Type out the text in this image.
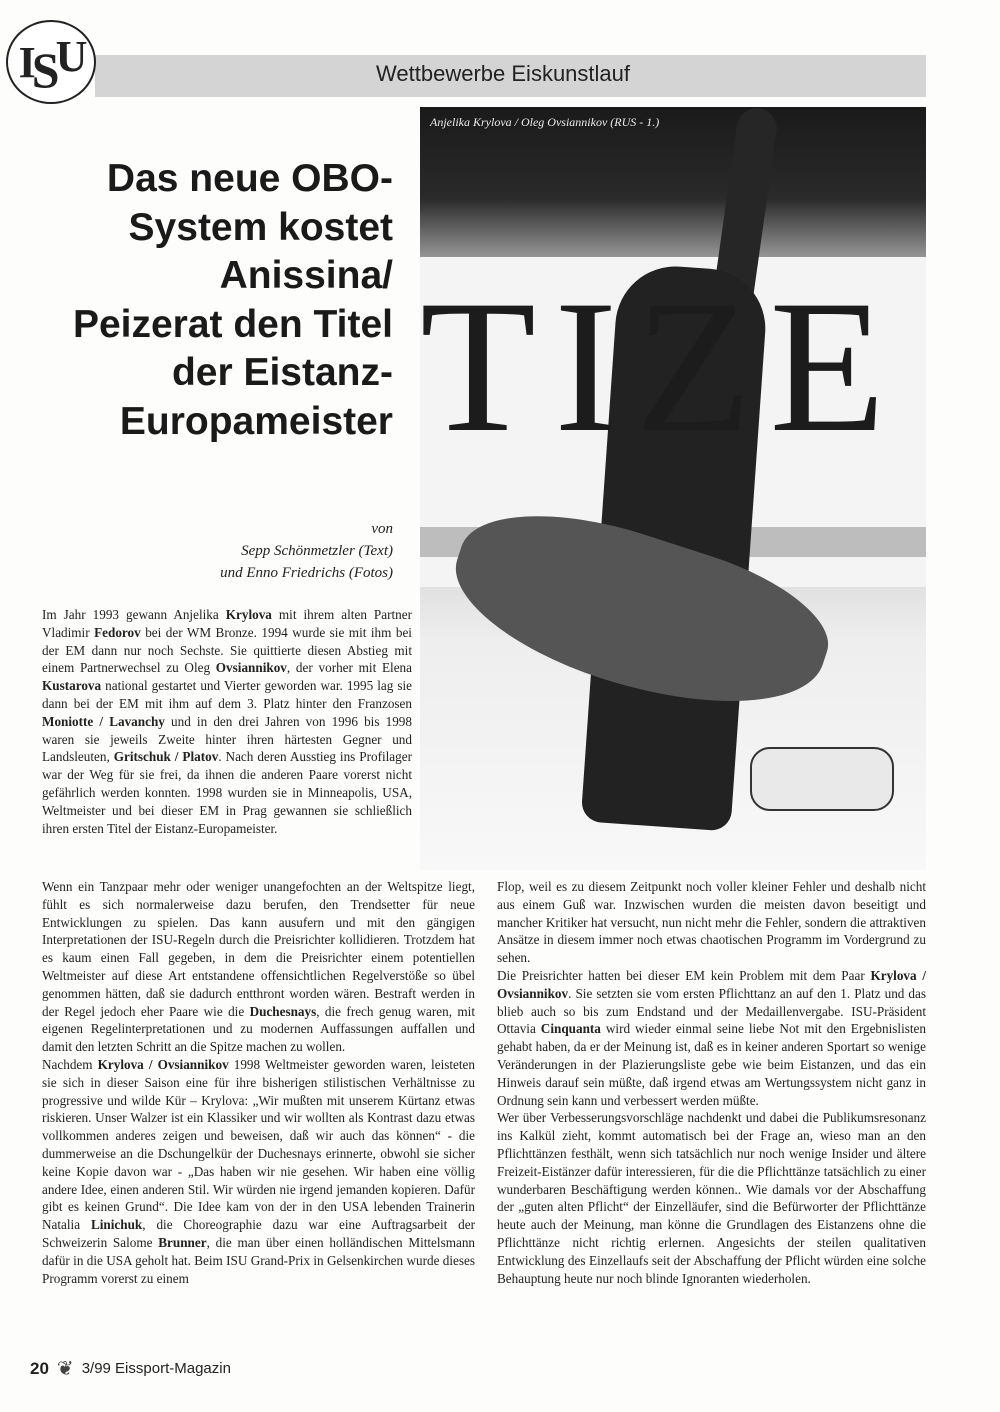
Wettbewerbe Eiskunstlauf
I S U
TIZE
Anjelika Krylova / Oleg Ovsiannikov (RUS - 1.)
Das neue OBO-System kostet Anissina/ Peizerat den Titel der Eistanz-Europameister
von
Sepp Schönmetzler (Text)
und Enno Friedrichs (Fotos)

Im Jahr 1993 gewann Anjelika Krylova mit ihrem alten Partner Vladimir Fedorov bei der WM Bronze. 1994 wurde sie mit ihm bei der EM dann nur noch Sechste. Sie quittierte diesen Abstieg mit einem Partnerwechsel zu Oleg Ovsiannikov, der vorher mit Elena Kustarova national gestartet und Vierter geworden war. 1995 lag sie dann bei der EM mit ihm auf dem 3. Platz hinter den Franzosen Moniotte / Lavanchy und in den drei Jahren von 1996 bis 1998 waren sie jeweils Zweite hinter ihren härtesten Gegner und Landsleuten, Gritschuk / Platov. Nach deren Ausstieg ins Profilager war der Weg für sie frei, da ihnen die anderen Paare vorerst nicht gefährlich werden konnten. 1998 wurden sie in Minneapolis, USA, Weltmeister und bei dieser EM in Prag gewannen sie schließlich ihren ersten Titel der Eistanz-Europameister.

Wenn ein Tanzpaar mehr oder weniger unangefochten an der Weltspitze liegt, fühlt es sich normalerweise dazu berufen, den Trendsetter für neue Entwicklungen zu spielen. Das kann ausufern und mit den gängigen Interpretationen der ISU-Regeln durch die Preisrichter kollidieren. Trotzdem hat es kaum einen Fall gegeben, in dem die Preisrichter einem potentiellen Weltmeister auf diese Art entstandene offensichtlichen Regelverstöße so übel genommen hätten, daß sie dadurch entthront worden wären. Bestraft werden in der Regel jedoch eher Paare wie die Duchesnays, die frech genug waren, mit eigenen Regelinterpretationen und zu modernen Auffassungen auffallen und damit den letzten Schritt an die Spitze machen zu wollen.

Nachdem Krylova / Ovsiannikov 1998 Weltmeister geworden waren, leisteten sie sich in dieser Saison eine für ihre bisherigen stilistischen Verhältnisse zu progressive und wilde Kür – Krylova: „Wir mußten mit unserem Kürtanz etwas riskieren. Unser Walzer ist ein Klassiker und wir wollten als Kontrast dazu etwas vollkommen anderes zeigen und beweisen, daß wir auch das können“ - die dummerweise an die Dschungelkür der Duchesnays erinnerte, obwohl sie sicher keine Kopie davon war - „Das haben wir nie gesehen. Wir haben eine völlig andere Idee, einen anderen Stil. Wir würden nie irgend jemanden kopieren. Dafür gibt es keinen Grund“. Die Idee kam von der in den USA lebenden Trainerin Natalia Linichuk, die Choreographie dazu war eine Auftragsarbeit der Schweizerin Salome Brunner, die man über einen holländischen Mittelsmann dafür in die USA geholt hat. Beim ISU Grand-Prix in Gelsenkirchen wurde dieses Programm vorerst zu einem

Flop, weil es zu diesem Zeitpunkt noch voller kleiner Fehler und deshalb nicht aus einem Guß war. Inzwischen wurden die meisten davon beseitigt und mancher Kritiker hat versucht, nun nicht mehr die Fehler, sondern die attraktiven Ansätze in diesem immer noch etwas chaotischen Programm im Vordergrund zu sehen.

Die Preisrichter hatten bei dieser EM kein Problem mit dem Paar Krylova / Ovsiannikov. Sie setzten sie vom ersten Pflichttanz an auf den 1. Platz und das blieb auch so bis zum Endstand und der Medaillenvergabe. ISU-Präsident Ottavia Cinquanta wird wieder einmal seine liebe Not mit den Ergebnislisten gehabt haben, da er der Meinung ist, daß es in keiner anderen Sportart so wenige Veränderungen in der Plazierungsliste gebe wie beim Eistanzen, und das ein Hinweis darauf sein müßte, daß irgend etwas am Wertungssystem nicht ganz in Ordnung sein kann und verbessert werden müßte.

Wer über Verbesserungsvorschläge nachdenkt und dabei die Publikumsresonanz ins Kalkül zieht, kommt automatisch bei der Frage an, wieso man an den Pflichttänzen festhält, wenn sich tatsächlich nur noch wenige Insider und ältere Freizeit-Eistänzer dafür interessieren, für die die Pflichttänze tatsächlich zu einer wunderbaren Beschäftigung werden können.. Wie damals vor der Abschaffung der „guten alten Pflicht“ der Einzelläufer, sind die Befürworter der Pflichttänze heute auch der Meinung, man könne die Grundlagen des Eistanzens ohne die Pflichttänze nicht richtig erlernen. Angesichts der steilen qualitativen Entwicklung des Einzellaufs seit der Abschaffung der Pflicht würden eine solche Behauptung heute nur noch blinde Ignoranten wiederholen.

20 ❦ 3/99 Eissport-Magazin
